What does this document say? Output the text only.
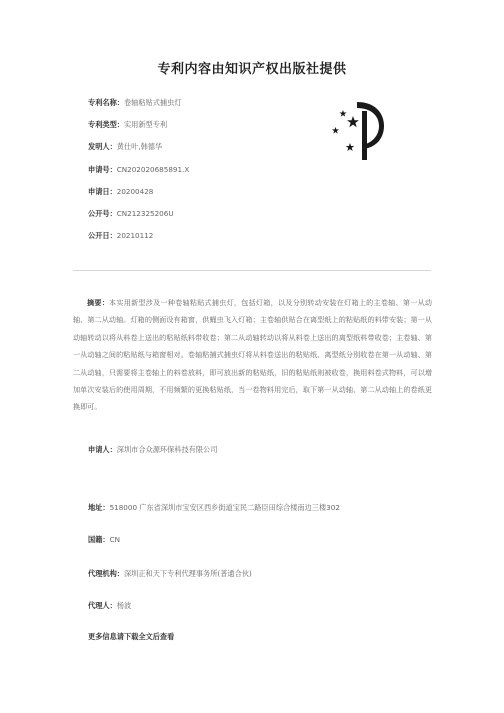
专利内容由知识产权出版社提供
专利名称：卷轴粘贴式捕虫灯
专利类型：实用新型专利
发明人：黄仕叶,韩德华
申请号：CN202020685891.X
申请日：20200428
公开号：CN212325206U
公开日：20210112
摘要：本实用新型涉及一种卷轴粘贴式捕虫灯，包括灯箱，以及分别转动安装在灯箱上的主卷轴、第一从动轴、第二从动轴。灯箱的侧面设有箱窗，供蝇虫飞入灯箱；主卷轴供贴合在离型纸上的粘贴纸的料带安装；第一从动轴转动以将从料卷上送出的粘贴纸料带收卷；第二从动轴转动以将从料卷上送出的离型纸料带收卷；主卷轴、第一从动轴之间的粘贴纸与箱窗相对。卷轴粘捕式捕虫灯将从料卷送出的粘贴纸、离型纸分别收卷在第一从动轴、第二从动轴，只需要将主卷轴上的料卷放料，即可放出新的粘贴纸，旧的粘贴纸则被收卷，换用料卷式物料，可以增加单次安装后的使用周期，不用频繁的更换粘贴纸，当一卷物料用完后，取下第一从动轴、第二从动轴上的卷纸更换即可。
申请人：深圳市合众源环保科技有限公司
地址：518000 广东省深圳市宝安区西乡街道宝民二路臣田综合楼南边三楼302
国籍：CN
代理机构：深圳正和天下专利代理事务所(普通合伙)
代理人：杨波
更多信息请下载全文后查看
